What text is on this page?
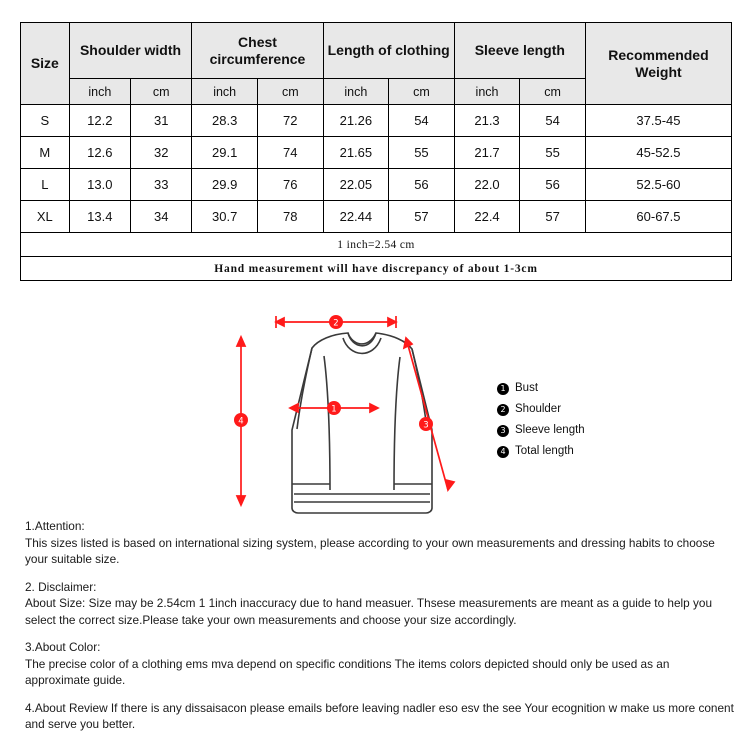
Size	Shoulder width		Chest circumference		Length of clothing		Sleeve length		Recommended Weight
	inch	cm	inch	cm	inch	cm	inch	cm	
S	12.2	31	28.3	72	21.26	54	21.3	54	37.5-45
M	12.6	32	29.1	74	21.65	55	21.7	55	45-52.5
L	13.0	33	29.9	76	22.05	56	22.0	56	52.5-60
XL	13.4	34	30.7	78	22.44	57	22.4	57	60-67.5
1 inch=2.54 cm									
Hand measurement will have discrepancy of about 1-3cm									
2
4
1
3
1 Bust
2 Shoulder
3 Sleeve length
4 Total length
1.Attention:
This sizes listed is based on international sizing system, please according to your own measurements and dressing habits to choose your suitable size.
2. Disclaimer:
About Size: Size may be 2.54cm 1 1inch inaccuracy due to hand measuer. Thsese measurements are meant as a guide to help you select the correct size.Please take your own measurements and choose your size accordingly.
3.About Color:
The precise color of a clothing ems mva depend on specific conditions The items colors depicted should only be used as an approximate guide.
4.About Review If there is any dissaisacon please emails before leaving nadler eso esv the see Your ecognition w make us more conent and serve you better.
